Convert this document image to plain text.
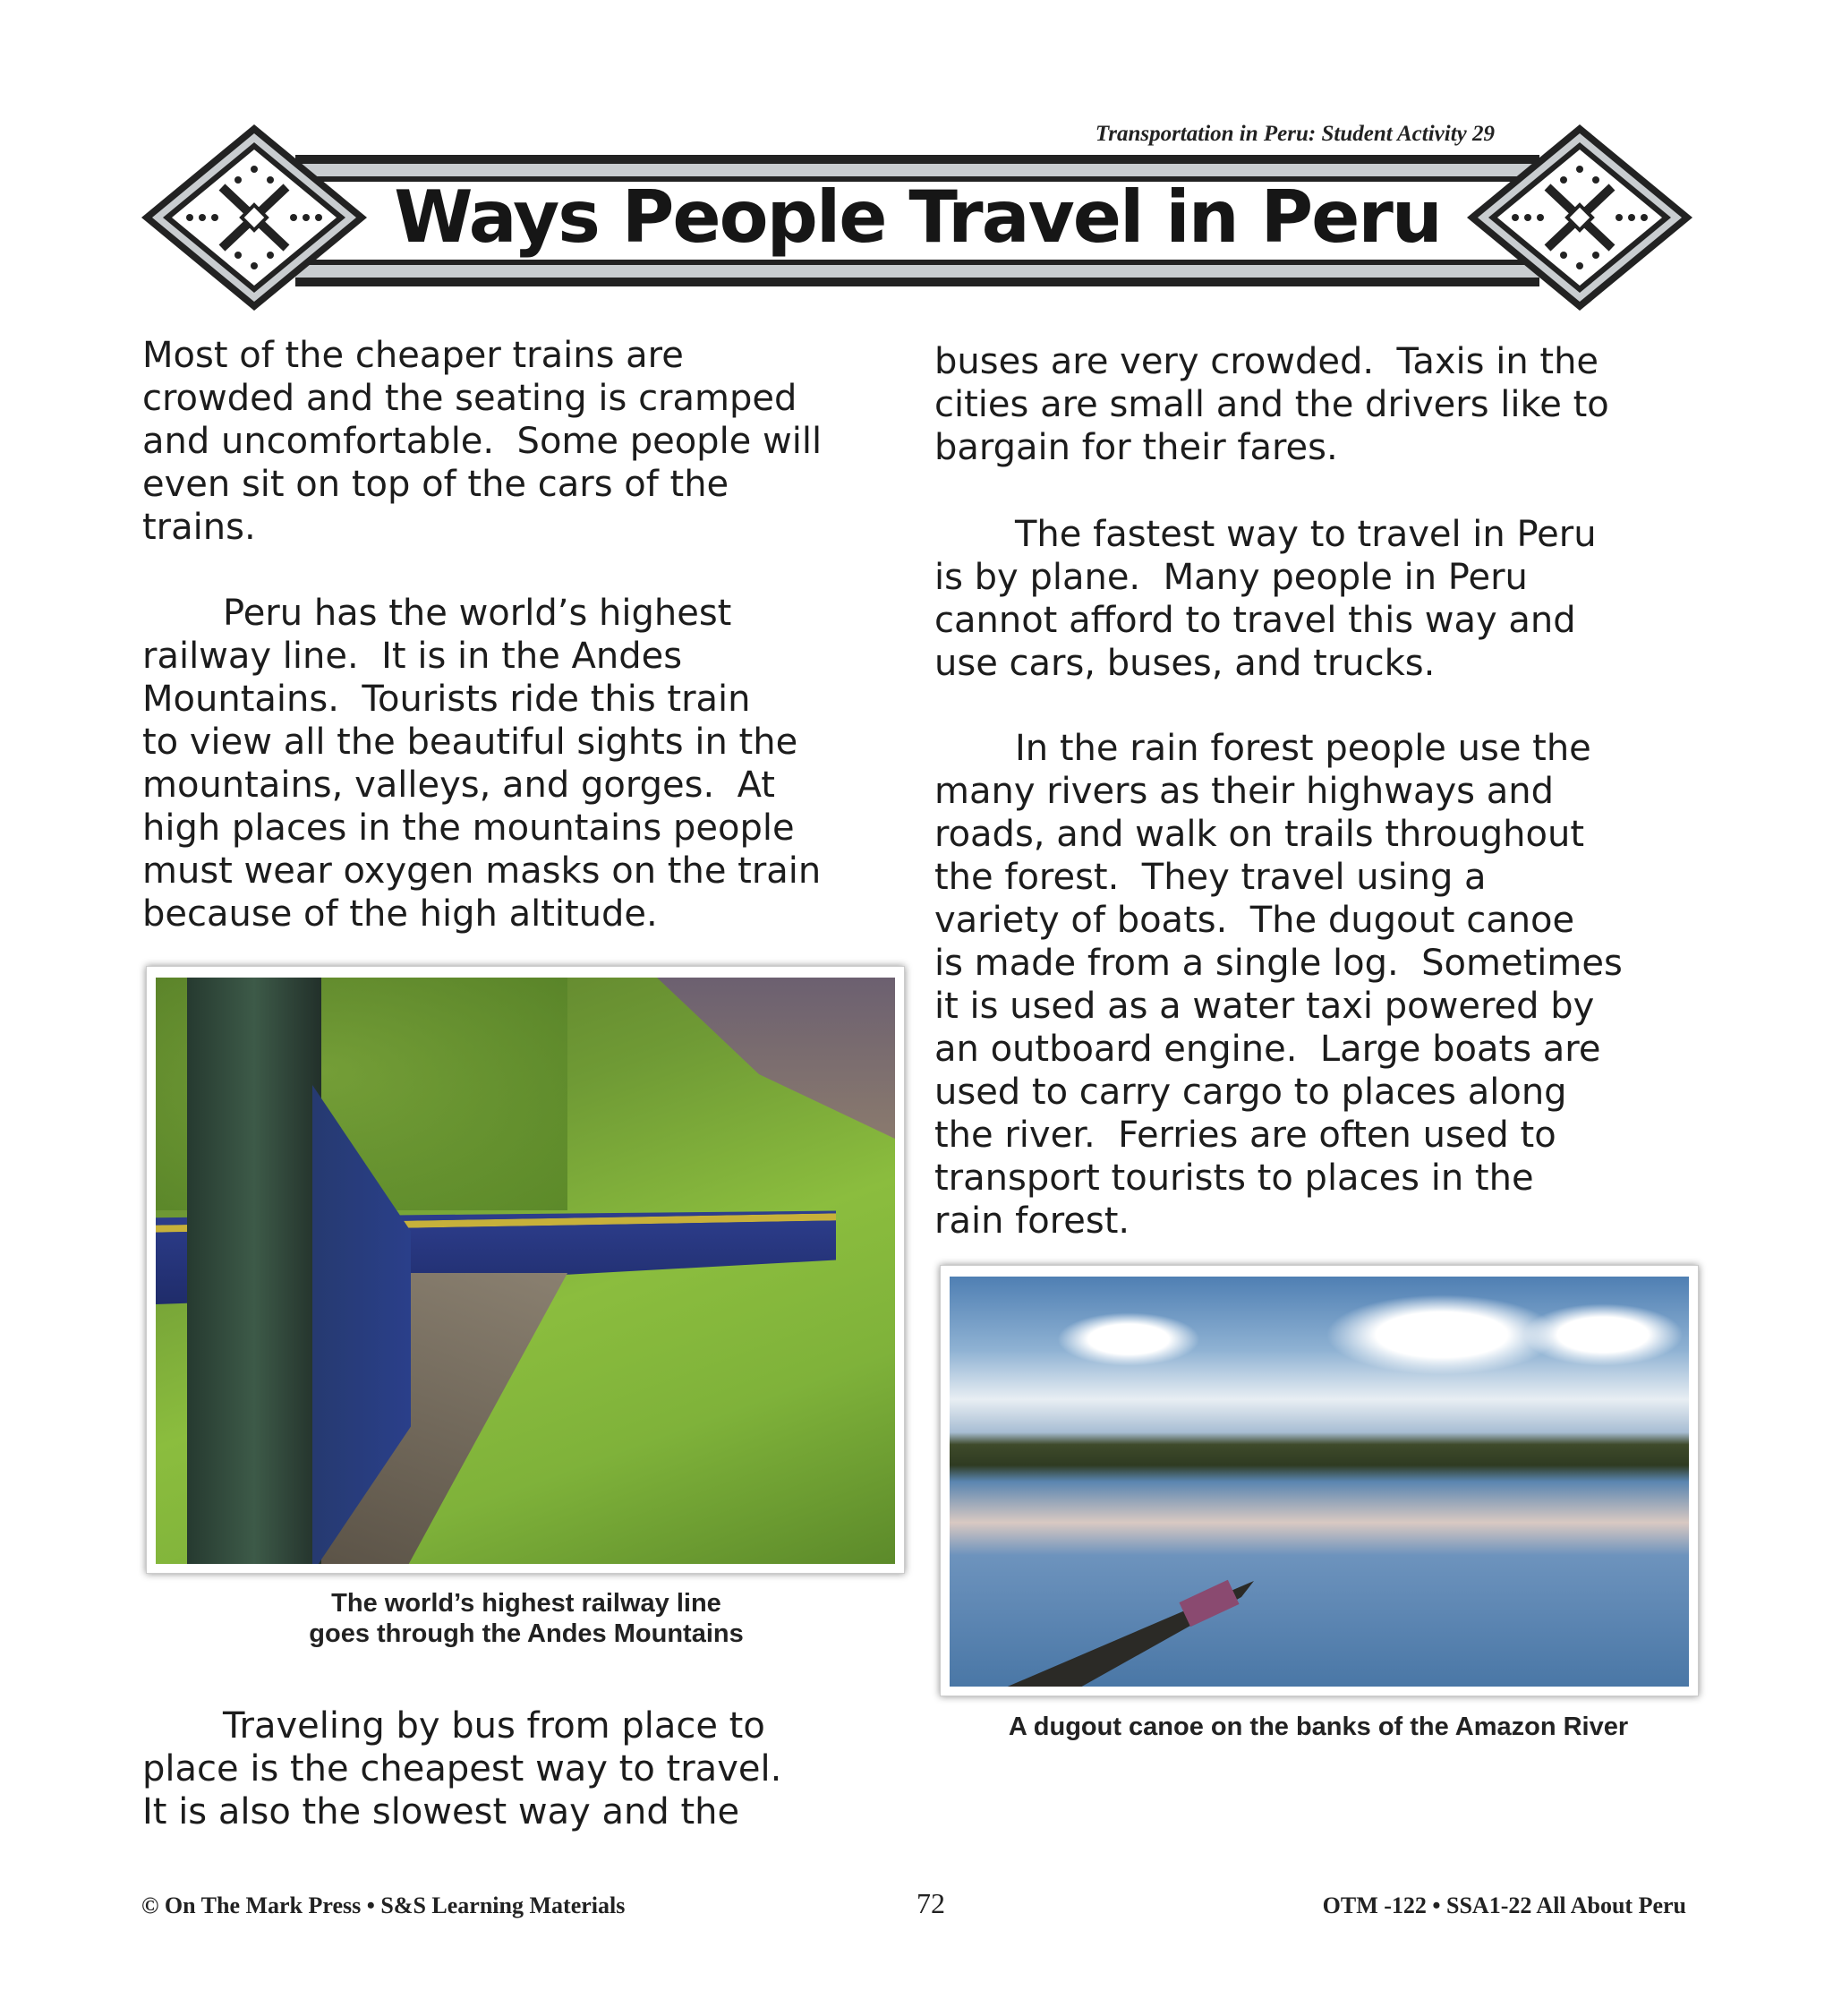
Transportation in Peru: Student Activity 29
Ways People Travel in Peru
Most of the cheaper trains are
crowded and the seating is cramped
and uncomfortable.  Some people will
even sit on top of the cars of the
trains.
Peru has the world’s highest
railway line.  It is in the Andes
Mountains.  Tourists ride this train
to view all the beautiful sights in the
mountains, valleys, and gorges.  At
high places in the mountains people
must wear oxygen masks on the train
because of the high altitude.
Traveling by bus from place to
place is the cheapest way to travel.
It is also the slowest way and the
buses are very crowded.  Taxis in the
cities are small and the drivers like to
bargain for their fares.
The fastest way to travel in Peru
is by plane.  Many people in Peru
cannot afford to travel this way and
use cars, buses, and trucks.
In the rain forest people use the
many rivers as their highways and
roads, and walk on trails throughout
the forest.  They travel using a
variety of boats.  The dugout canoe
is made from a single log.  Sometimes
it is used as a water taxi powered by
an outboard engine.  Large boats are
used to carry cargo to places along
the river.  Ferries are often used to
transport tourists to places in the
rain forest.
The world’s highest railway line
goes through the Andes Mountains
A dugout canoe on the banks of the Amazon River
© On The Mark Press • S&S Learning Materials	72	OTM -122 • SSA1-22 All About Peru
